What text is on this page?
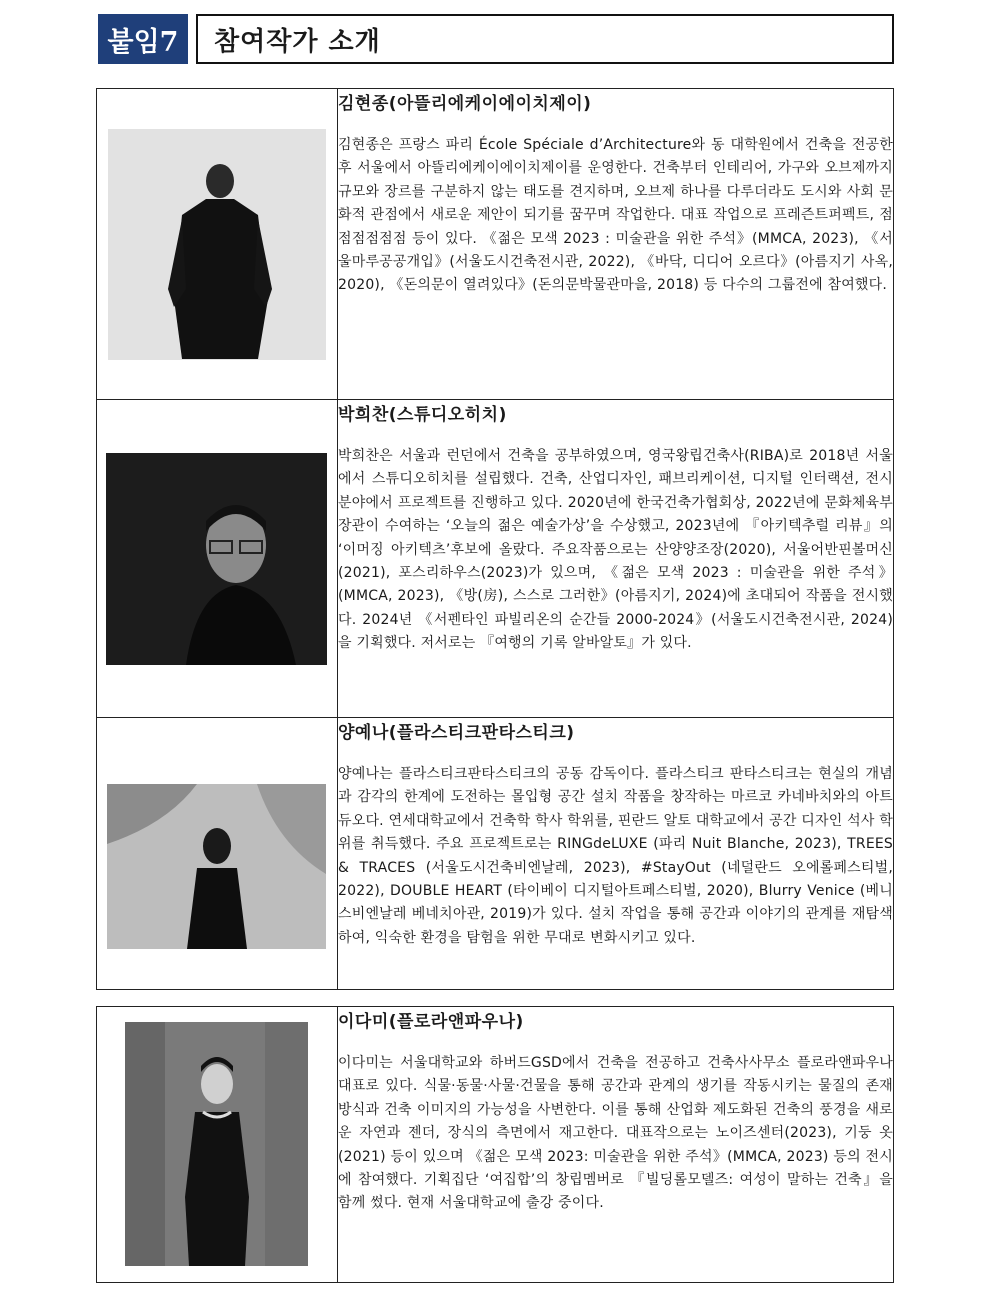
붙임7	참여작가 소개

김현종(아뜰리에케이에이치제이)
김현종은 프랑스 파리 École Spéciale d’Architecture와 동 대학원에서 건축을 전공한 후 서울에서 아뜰리에케이에이치제이를 운영한다. 건축부터 인테리어, 가구와 오브제까지 규모와 장르를 구분하지 않는 태도를 견지하며, 오브제 하나를 다루더라도 도시와 사회 문화적 관점에서 새로운 제안이 되기를 꿈꾸며 작업한다. 대표 작업으로 프레즌트퍼펙트, 점점점점점점 등이 있다. 《젊은 모색 2023 : 미술관을 위한 주석》(MMCA, 2023), 《서울마루공공개입》(서울도시건축전시관, 2022), 《바닥, 디디어 오르다》(아름지기 사옥, 2020), 《돈의문이 열려있다》(돈의문박물관마을, 2018) 등 다수의 그룹전에 참여했다.

박희찬(스튜디오히치)
박희찬은 서울과 런던에서 건축을 공부하였으며, 영국왕립건축사(RIBA)로 2018년 서울에서 스튜디오히치를 설립했다. 건축, 산업디자인, 패브리케이션, 디지털 인터랙션, 전시 분야에서 프로젝트를 진행하고 있다. 2020년에 한국건축가협회상, 2022년에 문화체육부장관이 수여하는 ‘오늘의 젊은 예술가상’을 수상했고, 2023년에 『아키텍추럴 리뷰』의 ‘이머징 아키텍츠’후보에 올랐다. 주요작품으로는 산양양조장(2020), 서울어반핀볼머신(2021), 포스리하우스(2023)가 있으며, 《젊은 모색 2023 : 미술관을 위한 주석》(MMCA, 2023), 《방(房), 스스로 그러한》(아름지기, 2024)에 초대되어 작품을 전시했다. 2024년 《서펜타인 파빌리온의 순간들 2000-2024》(서울도시건축전시관, 2024)을 기획했다. 저서로는 『여행의 기록 알바알토』가 있다.

양예나(플라스티크판타스티크)
양예나는 플라스티크판타스티크의 공동 감독이다. 플라스티크 판타스티크는 현실의 개념과 감각의 한계에 도전하는 몰입형 공간 설치 작품을 창작하는 마르코 카네바치와의 아트 듀오다. 연세대학교에서 건축학 학사 학위를, 핀란드 알토 대학교에서 공간 디자인 석사 학위를 취득했다. 주요 프로젝트로는 RINGdeLUXE (파리 Nuit Blanche, 2023), TREES & TRACES (서울도시건축비엔날레, 2023), #StayOut (네덜란드 오에롤페스티벌, 2022), DOUBLE HEART (타이베이 디지털아트페스티벌, 2020), Blurry Venice (베니스비엔날레 베네치아관, 2019)가 있다. 설치 작업을 통해 공간과 이야기의 관계를 재탐색하여, 익숙한 환경을 탐험을 위한 무대로 변화시키고 있다.

이다미(플로라앤파우나)
이다미는 서울대학교와 하버드GSD에서 건축을 전공하고 건축사사무소 플로라앤파우나 대표로 있다. 식물·동물·사물·건물을 통해 공간과 관계의 생기를 작동시키는 물질의 존재 방식과 건축 이미지의 가능성을 사변한다. 이를 통해 산업화 제도화된 건축의 풍경을 새로운 자연과 젠더, 장식의 측면에서 재고한다. 대표작으로는 노이즈센터(2023), 기둥 옷(2021) 등이 있으며 《젊은 모색 2023: 미술관을 위한 주석》(MMCA, 2023) 등의 전시에 참여했다. 기획집단 ‘여집합’의 창립멤버로 『빌딩롤모델즈: 여성이 말하는 건축』을 함께 썼다. 현재 서울대학교에 출강 중이다.
